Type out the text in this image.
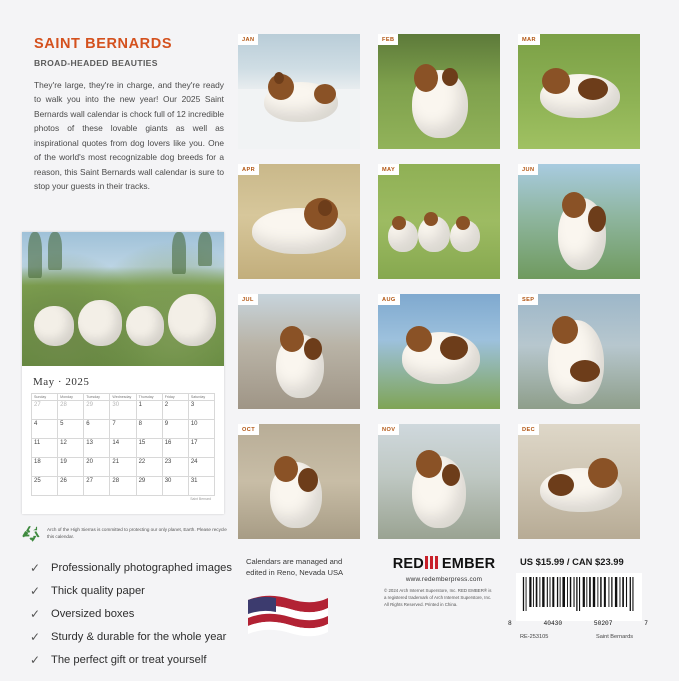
SAINT BERNARDS
BROAD-HEADED BEAUTIES

They're large, they're in charge, and they're ready to walk you into the new year! Our 2025 Saint Bernards wall calendar is chock full of 12 incredible photos of these lovable giants as well as inspirational quotes from dog lovers like you. One of the world's most recognizable dog breeds for a reason, this Saint Bernards wall calendar is sure to stop your guests in their tracks.

May · 2025
Sunday	Monday	Tuesday	Wednesday	Thursday	Friday	Saturday
27	28	29	30	1	2	3
4	5	6	7	8	9	10
11	12	13	14	15	16	17
18	19	20	21	22	23	24
25	26	27	28	29	30	31
Saint Bernard
Arch of the High Sierras is committed to protecting our only planet, Earth. Please recycle this calendar.
✓ Professionally photographed images
✓ Thick quality paper
✓ Oversized boxes
✓ Sturdy & durable for the whole year
✓ The perfect gift or treat yourself
JAN	FEB	MAR
APR	MAY	JUN
JUL	AUG	SEP
OCT	NOV	DEC
Calendars are managed and edited in Reno, Nevada USA
RED EMBER
www.redemberpress.com
© 2024 Arch Internet Superstore, Inc. RED EMBER® is a registered trademark of Arch Internet Superstore, Inc. All Rights Reserved. Printed in China.
US $15.99 / CAN $23.99
8	40430	50207	7
RE-253105	Saint Bernards
